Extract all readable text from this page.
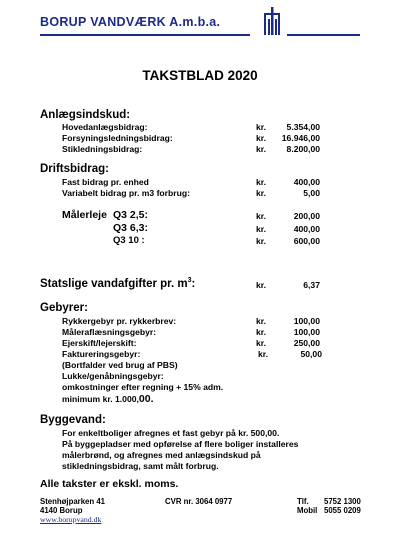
BORUP VANDVÆRK A.m.b.a.
TAKSTBLAD 2020
Anlægsindskud:
Hovedanlægsbidrag:	kr.	5.354,00
Forsyningsledningsbidrag:	kr.	16.946,00
Stikledningsbidrag:	kr.	8.200,00
Driftsbidrag:
Fast bidrag pr. enhed	kr.	400,00
Variabelt bidrag pr. m3 forbrug:	kr.	5,00
Målerleje Q3 2,5:	kr.	200,00
Q3 6,3:	kr.	400,00
Q3 10 :	kr.	600,00
Statslige vandafgifter pr. $m^3$:	kr.	6,37
Gebyrer:
Rykkergebyr pr. rykkerbrev:	kr.	100,00
Måleraflæsningsgebyr:	kr.	100,00
Ejerskift/lejerskift:	kr.	250,00
Faktureringsgebyr:	kr.	50,00
(Bortfalder ved brug af PBS)
Lukke/genåbningsgebyr:
omkostninger efter regning + 15% adm.
minimum kr. 1.000,00.
Byggevand:
For enkeltboliger afregnes et fast gebyr på kr. 500,00.
På byggepladser med opførelse af flere boliger installeres
målerbrønd, og afregnes med anlægsindskud på
stikledningsbidrag, samt målt forbrug.
Alle takster er ekskl. moms.
Stenhøjparken 41
4140 Borup
CVR nr. 3064 0977	Tlf. 5752 1300
Mobil 5055 0209
www.borupvand.dk
